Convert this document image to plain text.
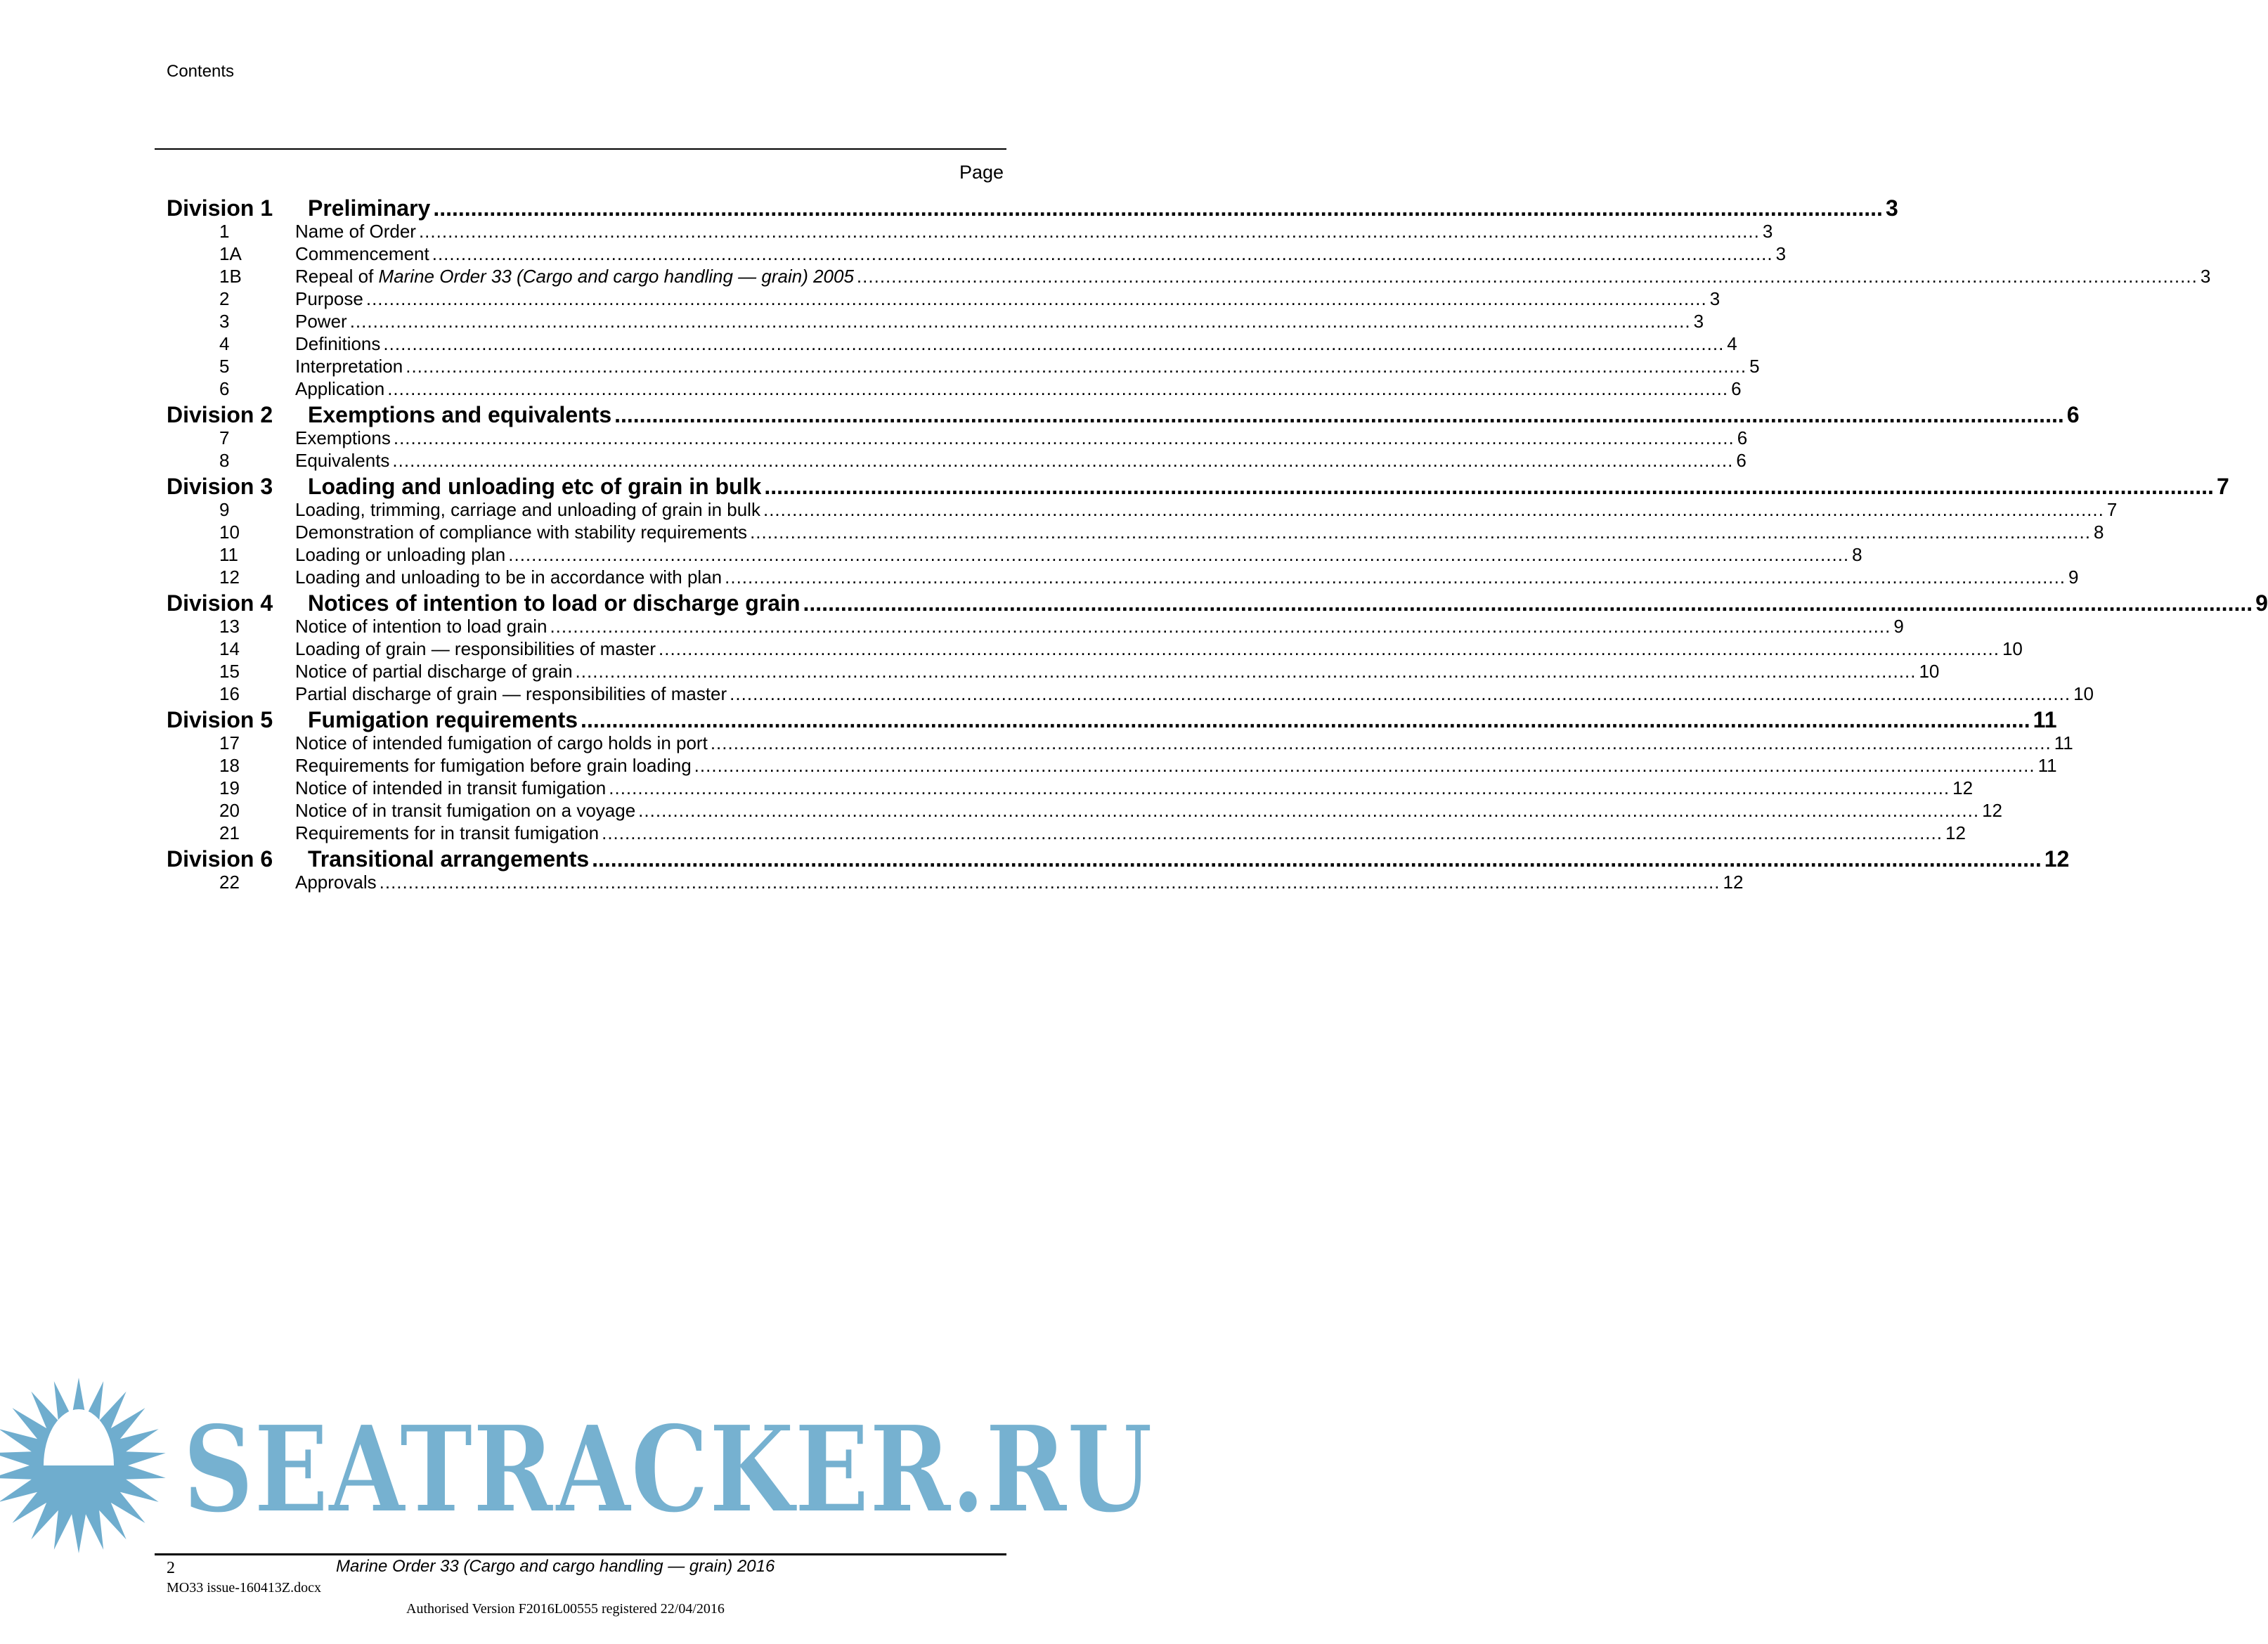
Contents
Page
Division 1	Preliminary .....	3
1	Name of Order .....	3
1A	Commencement .....	3
1B	Repeal of Marine Order 33 (Cargo and cargo handling — grain) 2005 .....	3
2	Purpose .....	3
3	Power .....	3
4	Definitions .....	4
5	Interpretation .....	5
6	Application .....	6
Division 2	Exemptions and equivalents .....	6
7	Exemptions .....	6
8	Equivalents .....	6
Division 3	Loading and unloading etc of grain in bulk .....	7
9	Loading, trimming, carriage and unloading of grain in bulk .....	7
10	Demonstration of compliance with stability requirements .....	8
11	Loading or unloading plan .....	8
12	Loading and unloading to be in accordance with plan .....	9
Division 4	Notices of intention to load or discharge grain .....	9
13	Notice of intention to load grain .....	9
14	Loading of grain — responsibilities of master .....	10
15	Notice of partial discharge of grain .....	10
16	Partial discharge of grain — responsibilities of master .....	10
Division 5	Fumigation requirements .....	11
17	Notice of intended fumigation of cargo holds in port .....	11
18	Requirements for fumigation before grain loading .....	11
19	Notice of intended in transit fumigation .....	12
20	Notice of in transit fumigation on a voyage .....	12
21	Requirements for in transit fumigation .....	12
Division 6	Transitional arrangements .....	12
22	Approvals .....	12
SEATRACKER.RU
2	Marine Order 33 (Cargo and cargo handling — grain) 2016
MO33 issue-160413Z.docx
Authorised Version F2016L00555 registered 22/04/2016
